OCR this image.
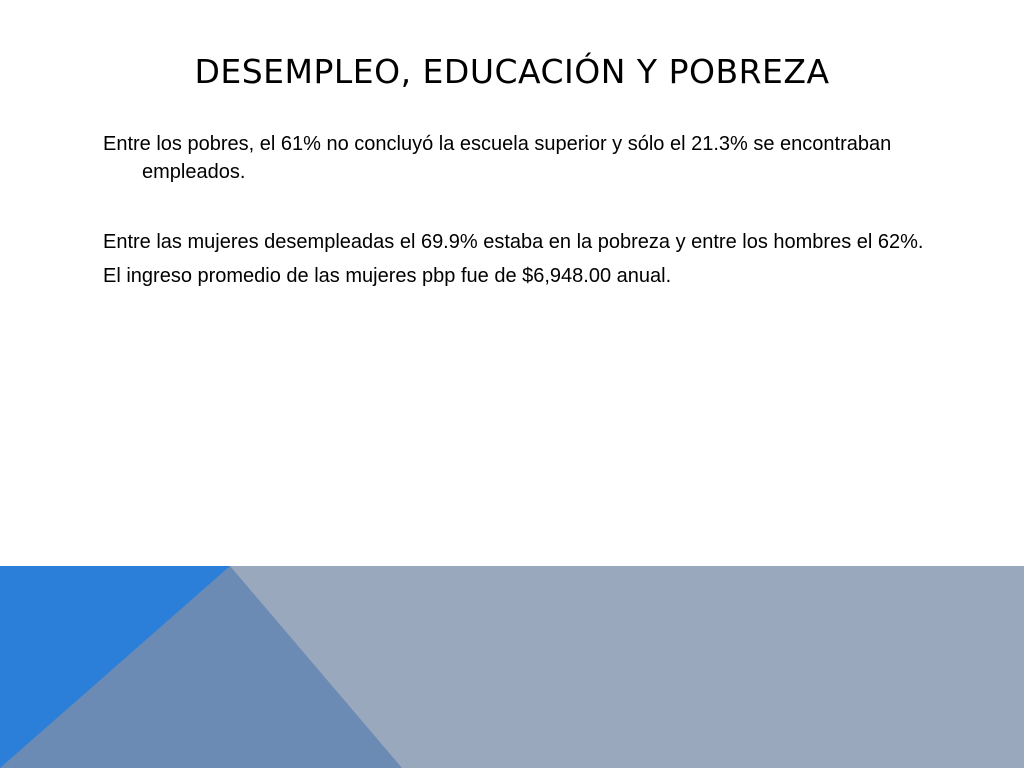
DESEMPLEO, EDUCACIÓN Y POBREZA

Entre los pobres, el 61% no concluyó la escuela superior y sólo el 21.3% se encontraban empleados.

Entre las mujeres desempleadas el 69.9% estaba en la pobreza y entre los hombres el 62%.

El ingreso promedio de las mujeres pbp fue de $6,948.00 anual.
